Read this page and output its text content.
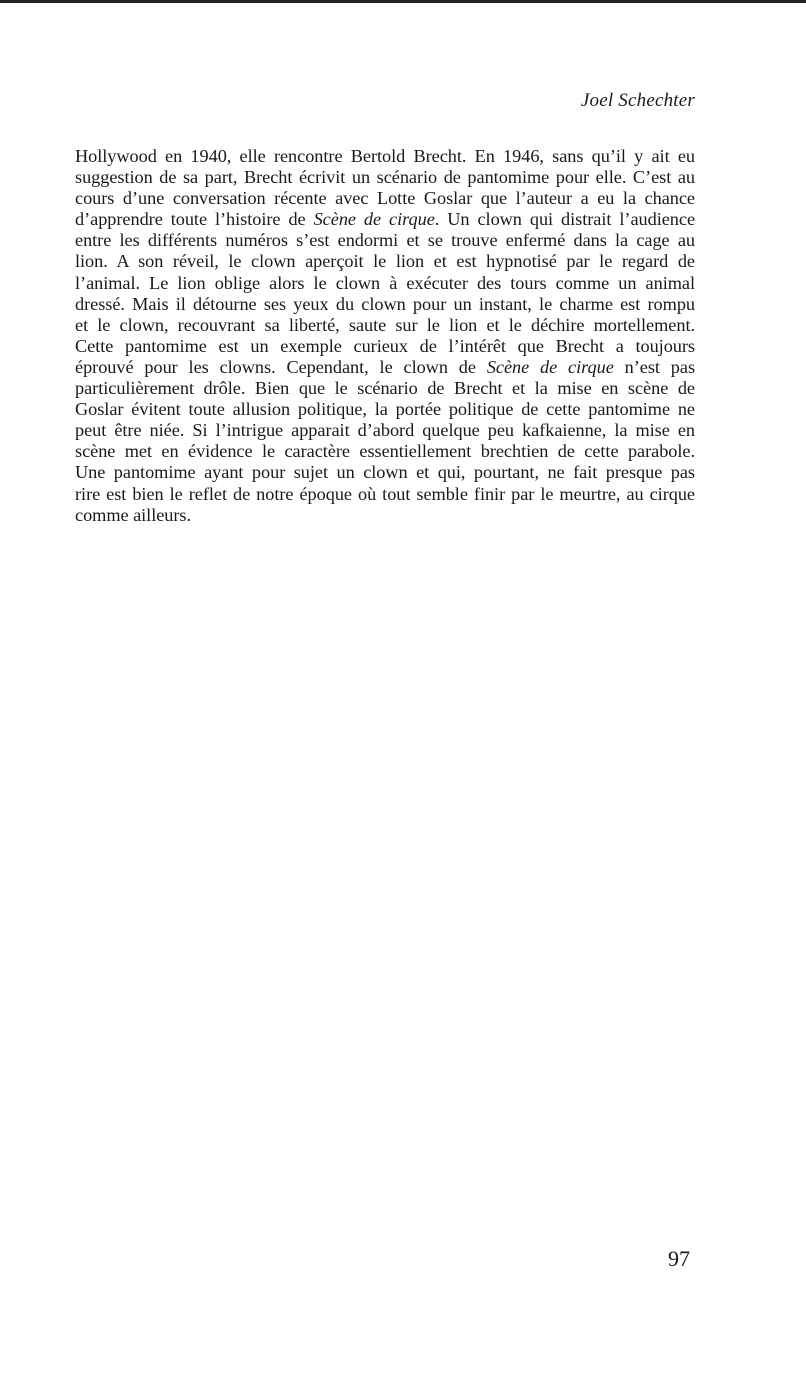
Joel Schechter

Hollywood en 1940, elle rencontre Bertold Brecht. En 1946, sans qu’il y ait eu
suggestion de sa part, Brecht écrivit un scénario de pantomime pour elle. C’est au
cours d’une conversation récente avec Lotte Goslar que l’auteur a eu la chance
d’apprendre toute l’histoire de Scène de cirque. Un clown qui distrait l’audience
entre les différents numéros s’est endormi et se trouve enfermé dans la cage au
lion. A son réveil, le clown aperçoit le lion et est hypnotisé par le regard de
l’animal. Le lion oblige alors le clown à exécuter des tours comme un animal
dressé. Mais il détourne ses yeux du clown pour un instant, le charme est rompu
et le clown, recouvrant sa liberté, saute sur le lion et le déchire mortellement.
Cette pantomime est un exemple curieux de l’intérêt que Brecht a toujours
éprouvé pour les clowns. Cependant, le clown de Scène de cirque n’est pas
particulièrement drôle. Bien que le scénario de Brecht et la mise en scène de
Goslar évitent toute allusion politique, la portée politique de cette pantomime ne
peut être niée. Si l’intrigue apparait d’abord quelque peu kafkaienne, la mise en
scène met en évidence le caractère essentiellement brechtien de cette parabole.
Une pantomime ayant pour sujet un clown et qui, pourtant, ne fait presque pas
rire est bien le reflet de notre époque où tout semble finir par le meurtre, au cirque
comme ailleurs.

97
